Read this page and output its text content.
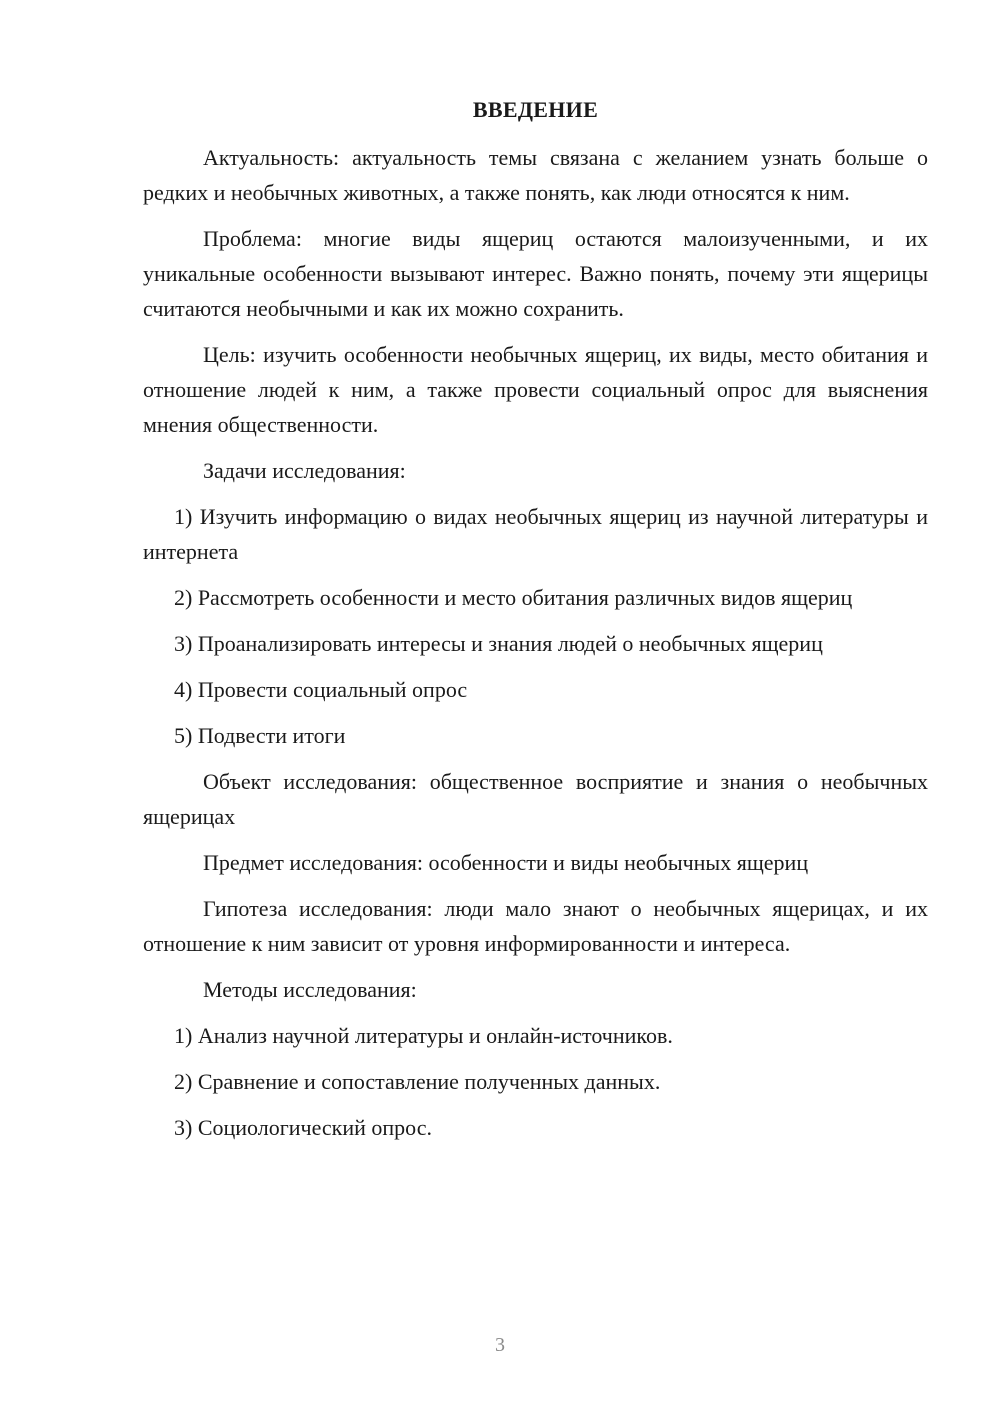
ВВЕДЕНИЕ

Актуальность: актуальность темы связана с желанием узнать больше о редких и необычных животных, а также понять, как люди относятся к ним.

Проблема: многие виды ящериц остаются малоизученными, и их уникальные особенности вызывают интерес. Важно понять, почему эти ящерицы считаются необычными и как их можно сохранить.

Цель: изучить особенности необычных ящериц, их виды, место обитания и отношение людей к ним, а также провести социальный опрос для выяснения мнения общественности.

Задачи исследования:

1) Изучить информацию о видах необычных ящериц из научной литературы и интернета

2) Рассмотреть особенности и место обитания различных видов ящериц

3) Проанализировать интересы и знания людей о необычных ящериц

4) Провести социальный опрос

5) Подвести итоги

Объект исследования: общественное восприятие и знания о необычных ящерицах

Предмет исследования: особенности и виды необычных ящериц

Гипотеза исследования: люди мало знают о необычных ящерицах, и их отношение к ним зависит от уровня информированности и интереса.

Методы исследования:

1) Анализ научной литературы и онлайн-источников.

2) Сравнение и сопоставление полученных данных.

3) Социологический опрос.

3
